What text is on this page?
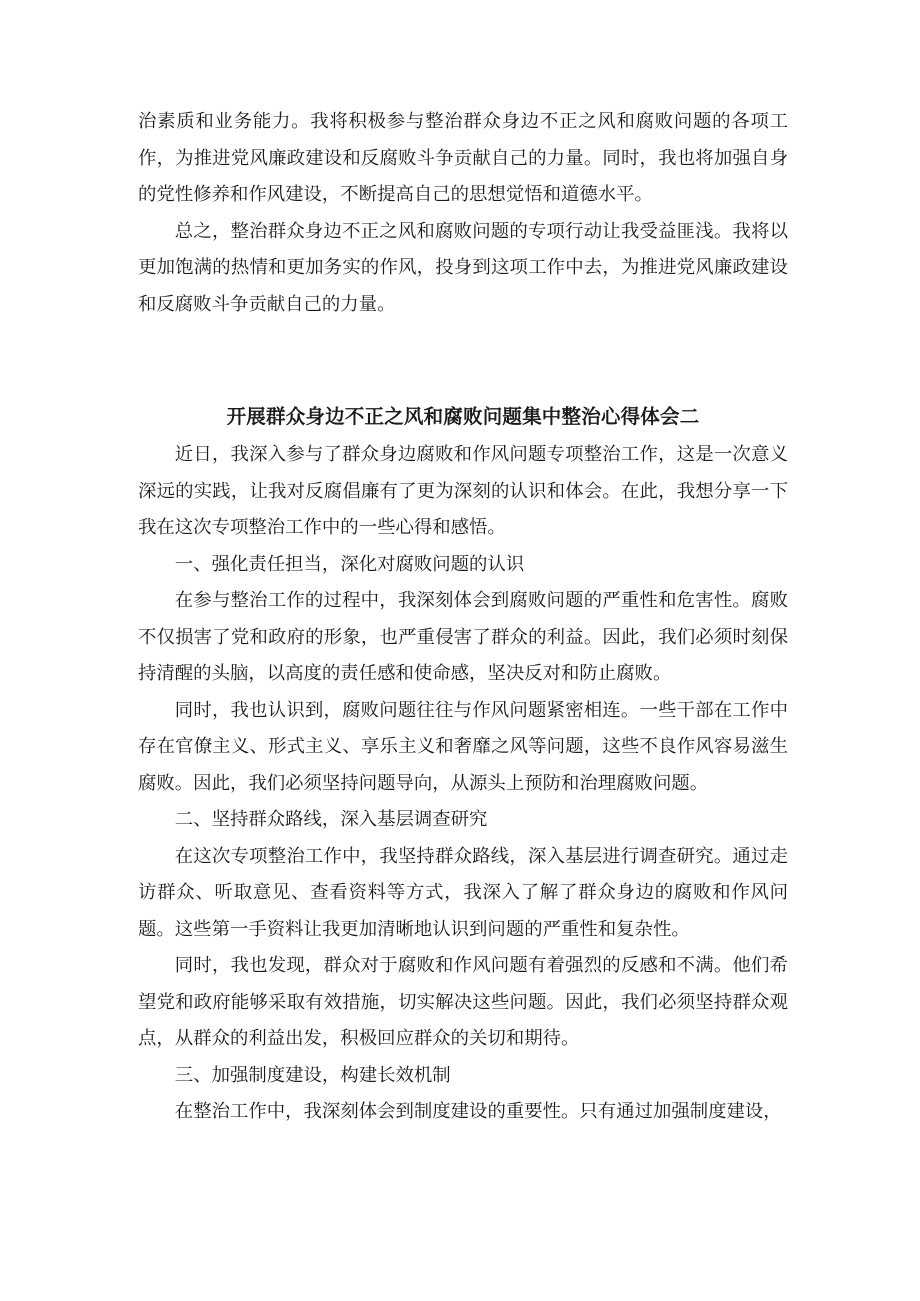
治素质和业务能力。我将积极参与整治群众身边不正之风和腐败问题的各项工作，为推进党风廉政建设和反腐败斗争贡献自己的力量。同时，我也将加强自身的党性修养和作风建设，不断提高自己的思想觉悟和道德水平。

总之，整治群众身边不正之风和腐败问题的专项行动让我受益匪浅。我将以更加饱满的热情和更加务实的作风，投身到这项工作中去，为推进党风廉政建设和反腐败斗争贡献自己的力量。

开展群众身边不正之风和腐败问题集中整治心得体会二

近日，我深入参与了群众身边腐败和作风问题专项整治工作，这是一次意义深远的实践，让我对反腐倡廉有了更为深刻的认识和体会。在此，我想分享一下我在这次专项整治工作中的一些心得和感悟。

一、强化责任担当，深化对腐败问题的认识

在参与整治工作的过程中，我深刻体会到腐败问题的严重性和危害性。腐败不仅损害了党和政府的形象，也严重侵害了群众的利益。因此，我们必须时刻保持清醒的头脑，以高度的责任感和使命感，坚决反对和防止腐败。

同时，我也认识到，腐败问题往往与作风问题紧密相连。一些干部在工作中存在官僚主义、形式主义、享乐主义和奢靡之风等问题，这些不良作风容易滋生腐败。因此，我们必须坚持问题导向，从源头上预防和治理腐败问题。

二、坚持群众路线，深入基层调查研究

在这次专项整治工作中，我坚持群众路线，深入基层进行调查研究。通过走访群众、听取意见、查看资料等方式，我深入了解了群众身边的腐败和作风问题。这些第一手资料让我更加清晰地认识到问题的严重性和复杂性。

同时，我也发现，群众对于腐败和作风问题有着强烈的反感和不满。他们希望党和政府能够采取有效措施，切实解决这些问题。因此，我们必须坚持群众观点，从群众的利益出发，积极回应群众的关切和期待。

三、加强制度建设，构建长效机制

在整治工作中，我深刻体会到制度建设的重要性。只有通过加强制度建设，
